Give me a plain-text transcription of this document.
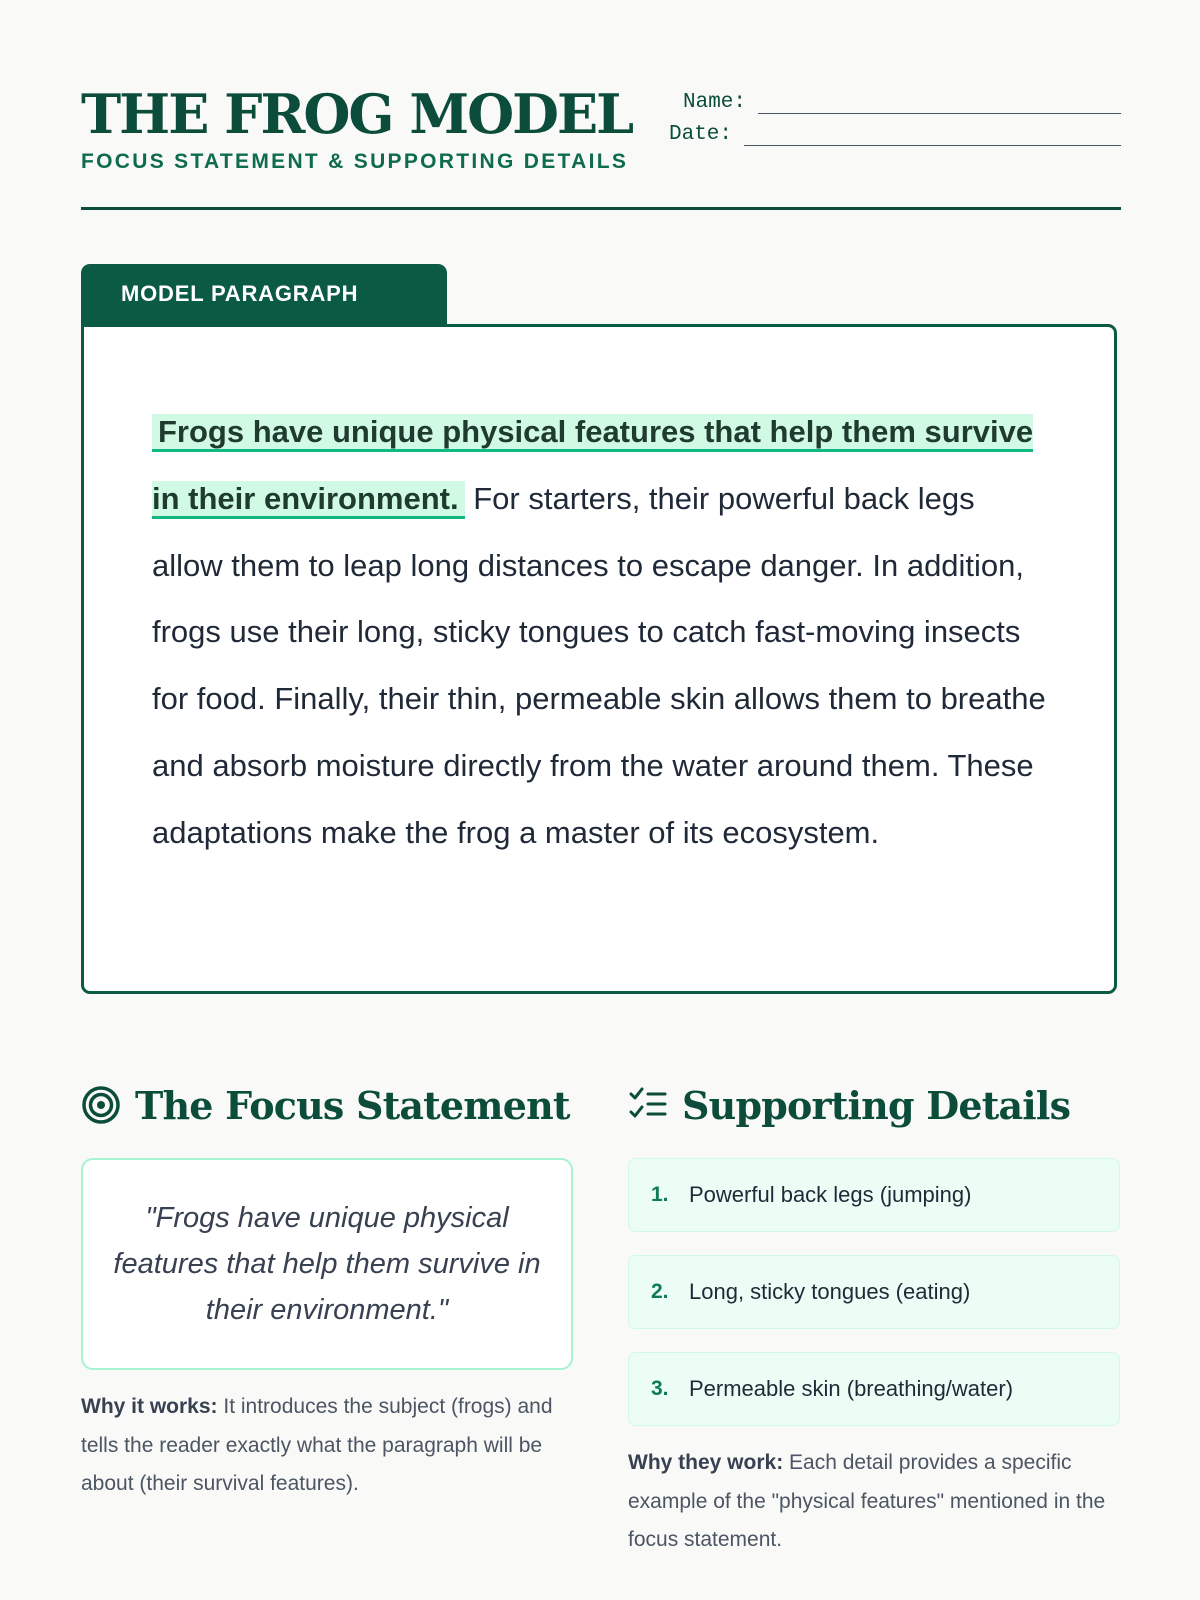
THE FROG MODEL
FOCUS STATEMENT & SUPPORTING DETAILS
Name:
Date:
MODEL PARAGRAPH

Frogs have unique physical features that help them survive in their environment. For starters, their powerful back legs allow them to leap long distances to escape danger. In addition, frogs use their long, sticky tongues to catch fast-moving insects for food. Finally, their thin, permeable skin allows them to breathe and absorb moisture directly from the water around them. These adaptations make the frog a master of its ecosystem.

The Focus Statement

"Frogs have unique physical features that help them survive in their environment."

Why it works: It introduces the subject (frogs) and tells the reader exactly what the paragraph will be about (their survival features).

Supporting Details
1. Powerful back legs (jumping)
2. Long, sticky tongues (eating)
3. Permeable skin (breathing/water)

Why they work: Each detail provides a specific example of the "physical features" mentioned in the focus statement.
